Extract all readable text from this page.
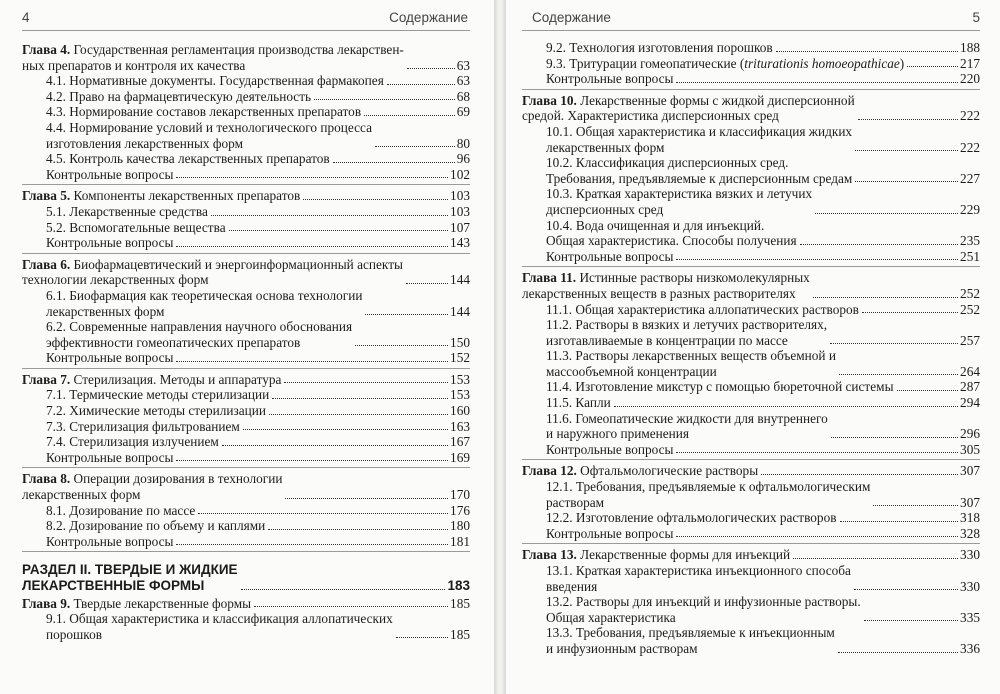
4	Содержание
Глава 4. Государственная регламентация производства лекарствен-
ных препаратов и контроля их качества	63
4.1. Нормативные документы. Государственная фармакопея	63
4.2. Право на фармацевтическую деятельность	68
4.3. Нормирование составов лекарственных препаратов	69
4.4. Нормирование условий и технологического процесса
изготовления лекарственных форм	80
4.5. Контроль качества лекарственных препаратов	96
Контрольные вопросы	102
Глава 5. Компоненты лекарственных препаратов	103
5.1. Лекарственные средства	103
5.2. Вспомогательные вещества	107
Контрольные вопросы	143
Глава 6. Биофармацевтический и энергоинформационный аспекты
технологии лекарственных форм	144
6.1. Биофармация как теоретическая основа технологии
лекарственных форм	144
6.2. Современные направления научного обоснования
эффективности гомеопатических препаратов	150
Контрольные вопросы	152
Глава 7. Стерилизация. Методы и аппаратура	153
7.1. Термические методы стерилизации	153
7.2. Химические методы стерилизации	160
7.3. Стерилизация фильтрованием	163
7.4. Стерилизация излучением	167
Контрольные вопросы	169
Глава 8. Операции дозирования в технологии
лекарственных форм	170
8.1. Дозирование по массе	176
8.2. Дозирование по объему и каплями	180
Контрольные вопросы	181
РАЗДЕЛ II. ТВЕРДЫЕ И ЖИДКИЕ
ЛЕКАРСТВЕННЫЕ ФОРМЫ	183
Глава 9. Твердые лекарственные формы	185
9.1. Общая характеристика и классификация аллопатических
порошков	185
Содержание	5
9.2. Технология изготовления порошков	188
9.3. Тритурации гомеопатические (triturationis homoeopathicae)	217
Контрольные вопросы	220
Глава 10. Лекарственные формы с жидкой дисперсионной
средой. Характеристика дисперсионных сред	222
10.1. Общая характеристика и классификация жидких
лекарственных форм	222
10.2. Классификация дисперсионных сред.
Требования, предъявляемые к дисперсионным средам	227
10.3. Краткая характеристика вязких и летучих
дисперсионных сред	229
10.4. Вода очищенная и для инъекций.
Общая характеристика. Способы получения	235
Контрольные вопросы	251
Глава 11. Истинные растворы низкомолекулярных
лекарственных веществ в разных растворителях	252
11.1. Общая характеристика аллопатических растворов	252
11.2. Растворы в вязких и летучих растворителях,
изготавливаемые в концентрации по массе	257
11.3. Растворы лекарственных веществ объемной и
массообъемной концентрации	264
11.4. Изготовление микстур с помощью бюреточной системы	287
11.5. Капли	294
11.6. Гомеопатические жидкости для внутреннего
и наружного применения	296
Контрольные вопросы	305
Глава 12. Офтальмологические растворы	307
12.1. Требования, предъявляемые к офтальмологическим
растворам	307
12.2. Изготовление офтальмологических растворов	318
Контрольные вопросы	328
Глава 13. Лекарственные формы для инъекций	330
13.1. Краткая характеристика инъекционного способа
введения	330
13.2. Растворы для инъекций и инфузионные растворы.
Общая характеристика	335
13.3. Требования, предъявляемые к инъекционным
и инфузионным растворам	336
